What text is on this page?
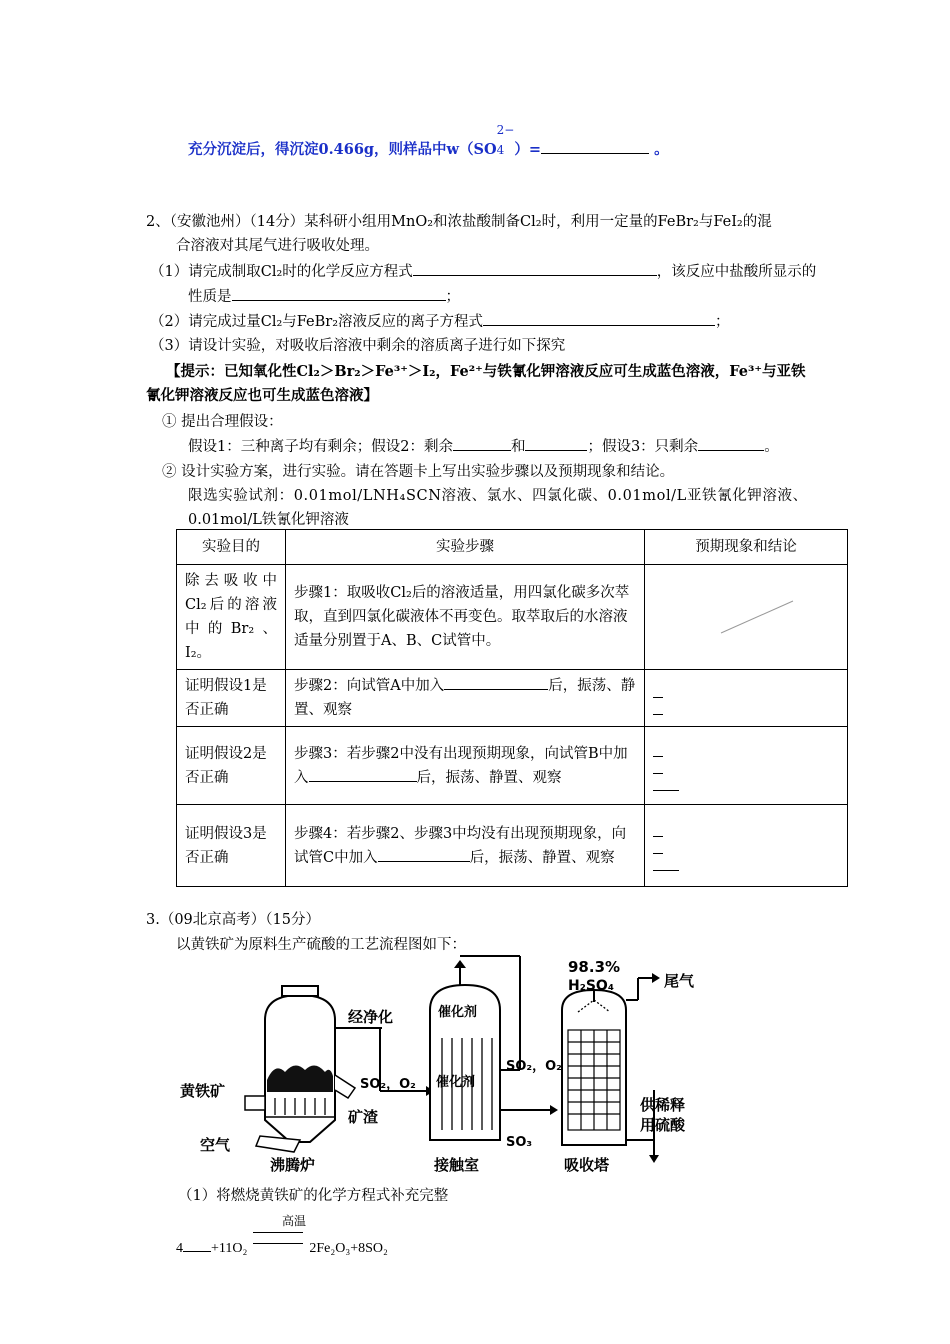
充分沉淀后，得沉淀0.466g，则样品中w（SO
2−
4 ）=	。
2、（安徽池州）（14分）某科研小组用MnO₂和浓盐酸制备Cl₂时，利用一定量的FeBr₂与FeI₂的混
合溶液对其尾气进行吸收处理。
（1）请完成制取Cl₂时的化学反应方程式	，该反应中盐酸所显示的
性质是	；
（2）请完成过量Cl₂与FeBr₂溶液反应的离子方程式	；
（3）请设计实验，对吸收后溶液中剩余的溶质离子进行如下探究
【提示：已知氧化性Cl₂＞Br₂＞Fe³⁺＞I₂，Fe²⁺与铁氰化钾溶液反应可生成蓝色溶液，Fe³⁺与亚铁
氰化钾溶液反应也可生成蓝色溶液】
① 提出合理假设：
假设1：三种离子均有剩余；假设2：剩余	和	；假设3：只剩余	。
② 设计实验方案，进行实验。请在答题卡上写出实验步骤以及预期现象和结论。
限选实验试剂：0.01mol/LNH₄SCN溶液、氯水、四氯化碳、0.01mol/L亚铁氰化钾溶液、
0.01mol/L铁氰化钾溶液
实验目的	实验步骤	预期现象和结论
除去吸收中Cl₂后的溶液中的Br₂、I₂。	步骤1：取吸收Cl₂后的溶液适量，用四氯化碳多次萃取，直到四氯化碳液体不再变色。取萃取后的水溶液适量分别置于A、B、C试管中。	

证明假设1是否正确	步骤2：向试管A中加入 后，振荡、静置、观察	

证明假设2是否正确	步骤3：若步骤2中没有出现预期现象，向试管B中加入 后，振荡、静置、观察	

证明假设3是否正确	步骤4：若步骤2、步骤3中均没有出现预期现象，向试管C中加入 后，振荡、静置、观察	
3.（09北京高考）（15分）
以黄铁矿为原料生产硫酸的工艺流程图如下：
98.3%
H₂SO₄	尾气
经净化	催化剂
催化剂
SO₂，O₂
SO₂，O₂
SO₃
黄铁矿
矿渣
空气
沸腾炉	接触室	吸收塔
供稀释
用硫酸
（1）将燃烧黄铁矿的化学方程式补充完整
高温
4 +11O₂	2Fe₂O₃+8SO₂
